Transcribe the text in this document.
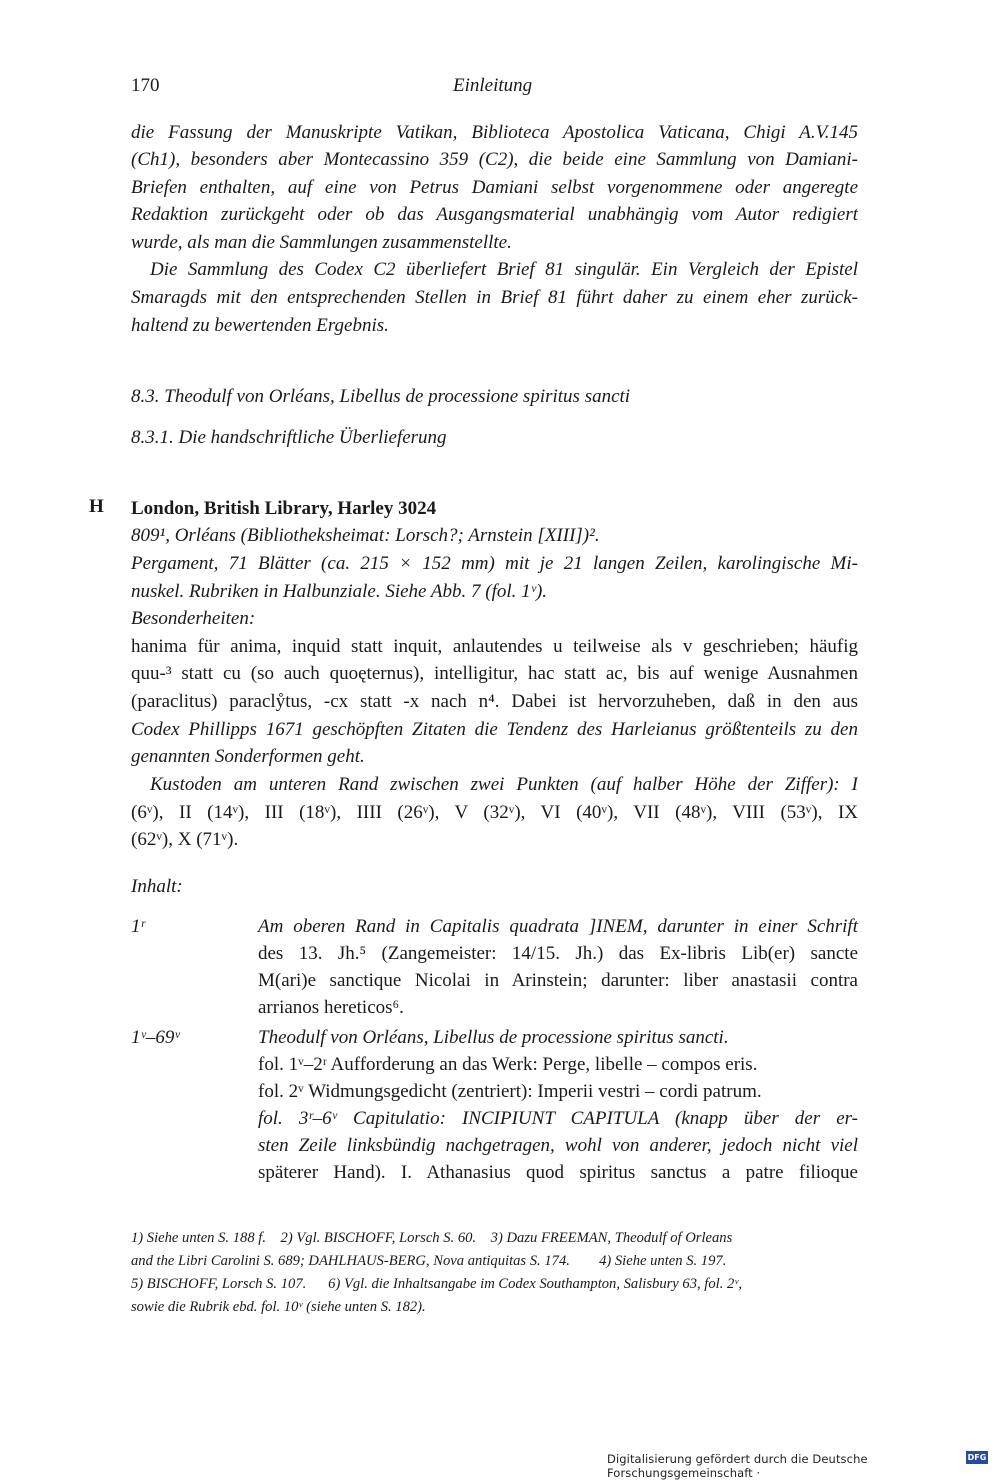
170	Einleitung
die Fassung der Manuskripte Vatikan, Biblioteca Apostolica Vaticana, Chigi A.V.145
(Ch1), besonders aber Montecassino 359 (C2), die beide eine Sammlung von Damiani-
Briefen enthalten, auf eine von Petrus Damiani selbst vorgenommene oder angeregte
Redaktion zurückgeht oder ob das Ausgangsmaterial unabhängig vom Autor redigiert
wurde, als man die Sammlungen zusammenstellte.
Die Sammlung des Codex C2 überliefert Brief 81 singulär. Ein Vergleich der Epistel
Smaragds mit den entsprechenden Stellen in Brief 81 führt daher zu einem eher zurück-
haltend zu bewertenden Ergebnis.
8.3. Theodulf von Orléans, Libellus de processione spiritus sancti
8.3.1. Die handschriftliche Überlieferung
H London, British Library, Harley 3024
809¹, Orléans (Bibliotheksheimat: Lorsch?; Arnstein [XIII])².
Pergament, 71 Blätter (ca. 215 × 152 mm) mit je 21 langen Zeilen, karolingische Mi-
nuskel. Rubriken in Halbunziale. Siehe Abb. 7 (fol. 1ᵛ).
Besonderheiten:
hanima für anima, inquid statt inquit, anlautendes u teilweise als v geschrieben; häufig
quu-³ statt cu (so auch quoęternus), intelligitur, hac statt ac, bis auf wenige Ausnahmen
(paraclitus) paraclẙtus, -cx statt -x nach n⁴. Dabei ist hervorzuheben, daß in den aus
Codex Phillipps 1671 geschöpften Zitaten die Tendenz des Harleianus größtenteils zu den
genannten Sonderformen geht.
Kustoden am unteren Rand zwischen zwei Punkten (auf halber Höhe der Ziffer): I
(6ᵛ), II (14ᵛ), III (18ᵛ), IIII (26ᵛ), V (32ᵛ), VI (40ᵛ), VII (48ᵛ), VIII (53ᵛ), IX
(62ᵛ), X (71ᵛ).
Inhalt:
1ʳ	Am oberen Rand in Capitalis quadrata ]INEM, darunter in einer Schrift
des 13. Jh.⁵ (Zangemeister: 14/15. Jh.) das Ex-libris Lib(er) sancte
M(ari)e sanctique Nicolai in Arinstein; darunter: liber anastasii contra
arrianos hereticos⁶.
1ᵛ–69ᵛ	Theodulf von Orléans, Libellus de processione spiritus sancti.
fol. 1ᵛ–2ʳ Aufforderung an das Werk: Perge, libelle – compos eris.
fol. 2ᵛ Widmungsgedicht (zentriert): Imperii vestri – cordi patrum.
fol. 3ʳ–6ᵛ Capitulatio: INCIPIUNT CAPITULA (knapp über der er-
sten Zeile linksbündig nachgetragen, wohl von anderer, jedoch nicht viel
späterer Hand). I. Athanasius quod spiritus sanctus a patre filioque
1) Siehe unten S. 188 f.    2) Vgl. BISCHOFF, Lorsch S. 60.    3) Dazu FREEMAN, Theodulf of Orleans
and the Libri Carolini S. 689; DAHLHAUS-BERG, Nova antiquitas S. 174.        4) Siehe unten S. 197.
5) BISCHOFF, Lorsch S. 107.      6) Vgl. die Inhaltsangabe im Codex Southampton, Salisbury 63, fol. 2ᵛ,
sowie die Rubrik ebd. fol. 10ᵛ (siehe unten S. 182).
Digitalisierung gefördert durch die Deutsche Forschungsgemeinschaft ·
DFG
